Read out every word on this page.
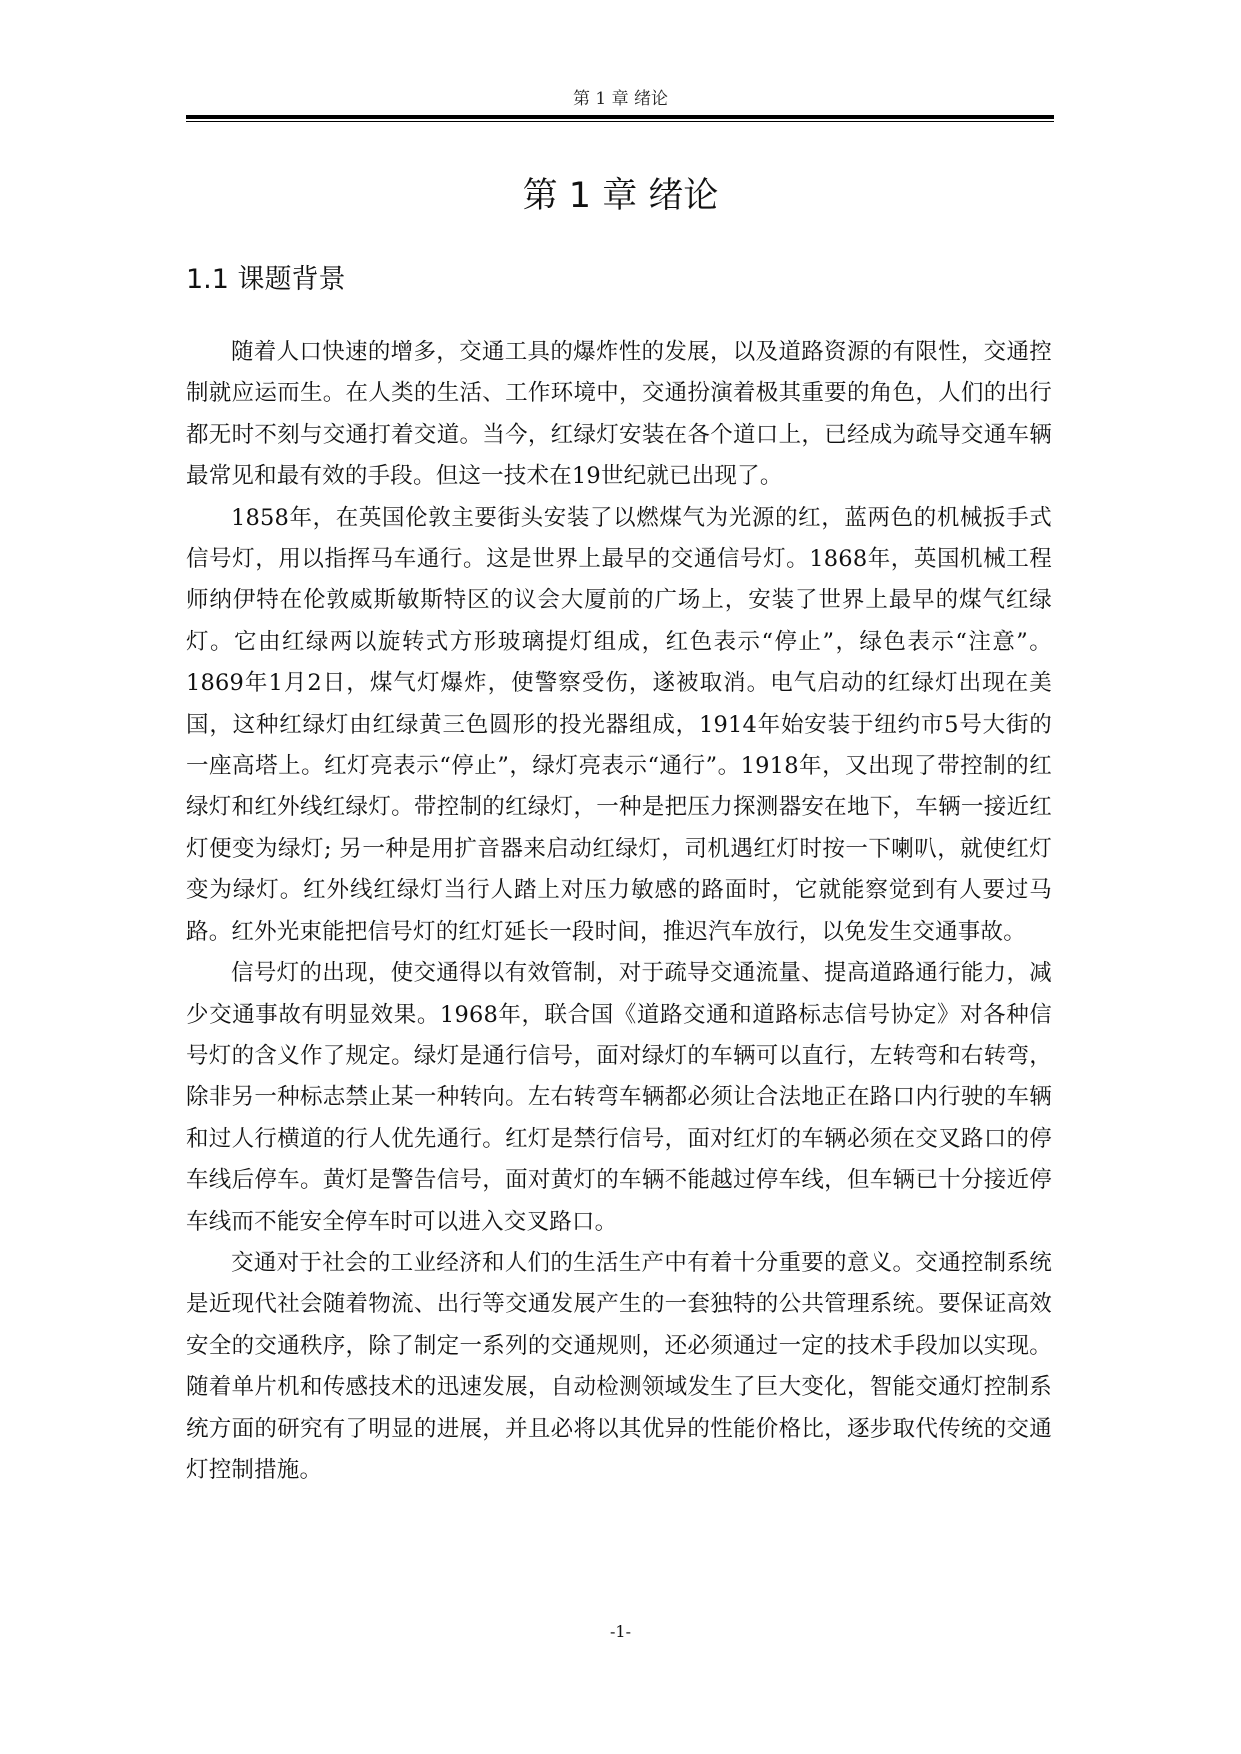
第 1 章 绪论
第 1 章 绪论
1.1 课题背景

随着人口快速的增多，交通工具的爆炸性的发展，以及道路资源的有限性，交通控制就应运而生。在人类的生活、工作环境中，交通扮演着极其重要的角色，人们的出行都无时不刻与交通打着交道。当今，红绿灯安装在各个道口上，已经成为疏导交通车辆最常见和最有效的手段。但这一技术在19世纪就已出现了。

1858年，在英国伦敦主要街头安装了以燃煤气为光源的红，蓝两色的机械扳手式信号灯，用以指挥马车通行。这是世界上最早的交通信号灯。1868年，英国机械工程师纳伊特在伦敦威斯敏斯特区的议会大厦前的广场上，安装了世界上最早的煤气红绿灯。它由红绿两以旋转式方形玻璃提灯组成，红色表示“停止”，绿色表示“注意”。1869年1月2日，煤气灯爆炸，使警察受伤，遂被取消。电气启动的红绿灯出现在美国，这种红绿灯由红绿黄三色圆形的投光器组成，1914年始安装于纽约市5号大街的一座高塔上。红灯亮表示“停止”，绿灯亮表示“通行”。1918年，又出现了带控制的红绿灯和红外线红绿灯。带控制的红绿灯，一种是把压力探测器安在地下，车辆一接近红灯便变为绿灯; 另一种是用扩音器来启动红绿灯，司机遇红灯时按一下喇叭，就使红灯变为绿灯。红外线红绿灯当行人踏上对压力敏感的路面时，它就能察觉到有人要过马路。红外光束能把信号灯的红灯延长一段时间，推迟汽车放行，以免发生交通事故。

信号灯的出现，使交通得以有效管制，对于疏导交通流量、提高道路通行能力，减少交通事故有明显效果。1968年，联合国《道路交通和道路标志信号协定》对各种信号灯的含义作了规定。绿灯是通行信号，面对绿灯的车辆可以直行，左转弯和右转弯，除非另一种标志禁止某一种转向。左右转弯车辆都必须让合法地正在路口内行驶的车辆和过人行横道的行人优先通行。红灯是禁行信号，面对红灯的车辆必须在交叉路口的停车线后停车。黄灯是警告信号，面对黄灯的车辆不能越过停车线，但车辆已十分接近停车线而不能安全停车时可以进入交叉路口。

交通对于社会的工业经济和人们的生活生产中有着十分重要的意义。交通控制系统是近现代社会随着物流、出行等交通发展产生的一套独特的公共管理系统。要保证高效安全的交通秩序，除了制定一系列的交通规则，还必须通过一定的技术手段加以实现。随着单片机和传感技术的迅速发展，自动检测领域发生了巨大变化，智能交通灯控制系统方面的研究有了明显的进展，并且必将以其优异的性能价格比，逐步取代传统的交通灯控制措施。

-1-
